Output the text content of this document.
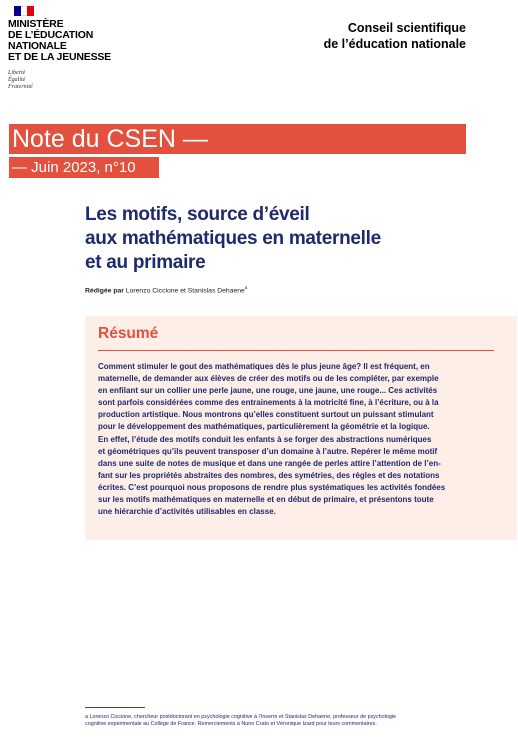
MINISTÈRE
DE L’ÉDUCATION
NATIONALE
ET DE LA JEUNESSE
Liberté
Égalité
Fraternité
Conseil scientifique
de l’éducation nationale
Note du CSEN —
— Juin 2023, n°10
Les motifs, source d’éveil
aux mathématiques en maternelle
et au primaire
Rédigée par Lorenzo Ciccione et Stanislas Dehaene$^a$
Résumé
Comment stimuler le gout des mathématiques dès le plus jeune âge? Il est fréquent, en
maternelle, de demander aux élèves de créer des motifs ou de les compléter, par exemple
en enfilant sur un collier une perle jaune, une rouge, une jaune, une rouge... Ces activités
sont parfois considérées comme des entrainements à la motricité fine, à l’écriture, ou à la
production artistique. Nous montrons qu’elles constituent surtout un puissant stimulant
pour le développement des mathématiques, particulièrement la géométrie et la logique.
En effet, l’étude des motifs conduit les enfants à se forger des abstractions numériques
et géométriques qu’ils peuvent transposer d’un domaine à l’autre. Repérer le même motif
dans une suite de notes de musique et dans une rangée de perles attire l’attention de l’en-
fant sur les propriétés abstraites des nombres, des symétries, des règles et des notations
écrites. C’est pourquoi nous proposons de rendre plus systématiques les activités fondées
sur les motifs mathématiques en maternelle et en début de primaire, et présentons toute
une hiérarchie d’activités utilisables en classe.
a Lorenzo Ciccione, chercheur postdoctorant en psychologie cognitive à l’Inserm et Stanislas Dehaene, professeur de psychologie
cognitive expérimentale au Collège de France. Remerciements à Nuno Crato et Véronique Izard pour leurs commentaires.
